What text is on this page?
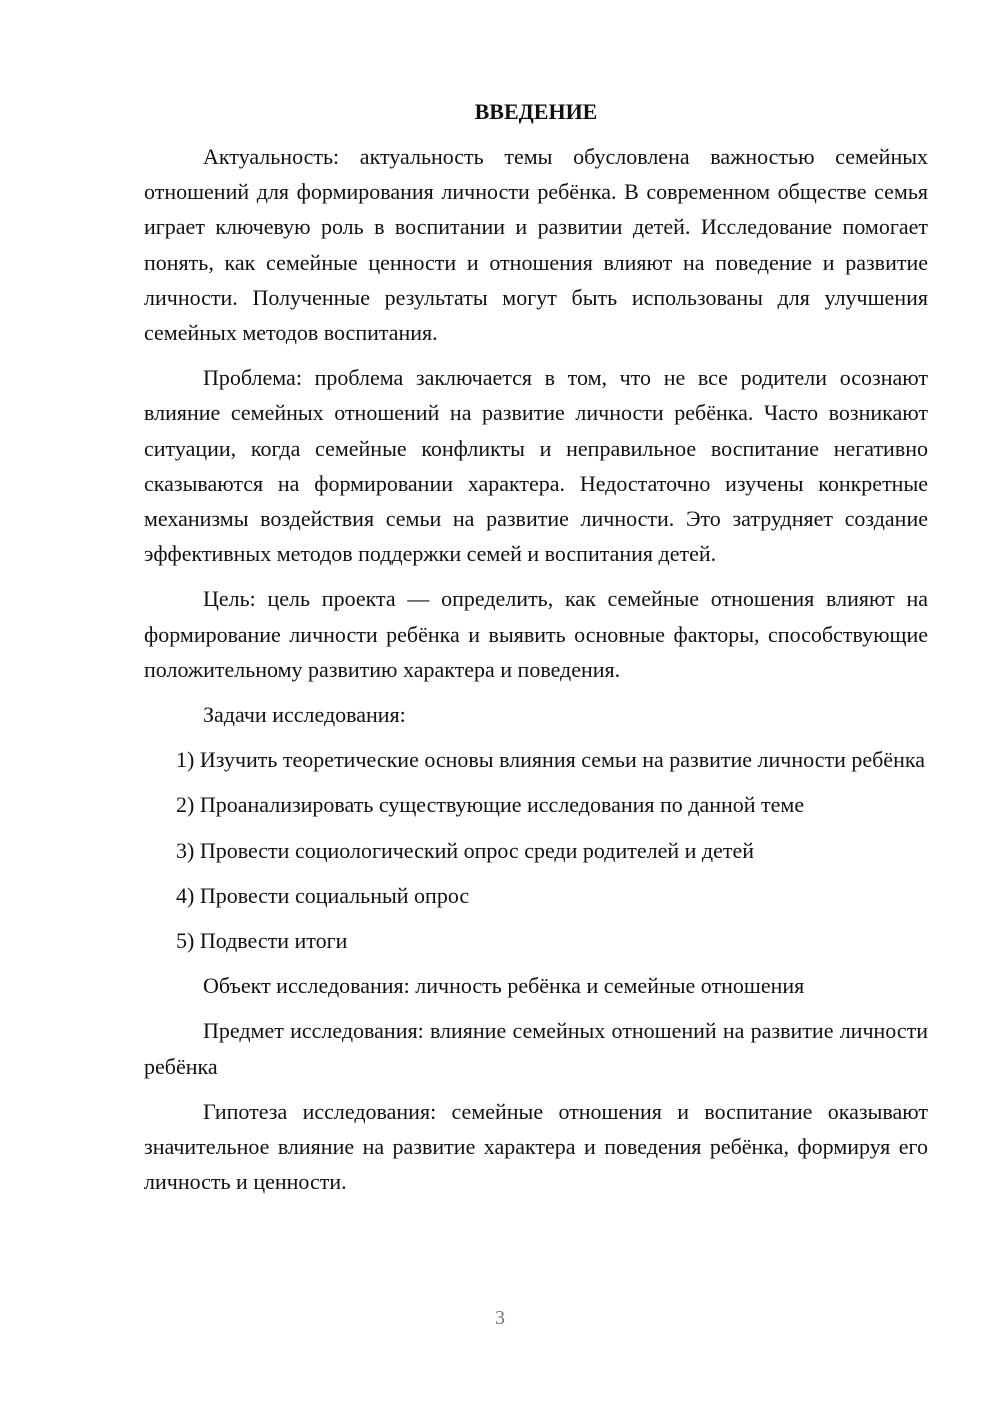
ВВЕДЕНИЕ

Актуальность: актуальность темы обусловлена важностью семейных отношений для формирования личности ребёнка. В современном обществе семья играет ключевую роль в воспитании и развитии детей. Исследование помогает понять, как семейные ценности и отношения влияют на поведение и развитие личности. Полученные результаты могут быть использованы для улучшения семейных методов воспитания.

Проблема: проблема заключается в том, что не все родители осознают влияние семейных отношений на развитие личности ребёнка. Часто возникают ситуации, когда семейные конфликты и неправильное воспитание негативно сказываются на формировании характера. Недостаточно изучены конкретные механизмы воздействия семьи на развитие личности. Это затрудняет создание эффективных методов поддержки семей и воспитания детей.

Цель: цель проекта — определить, как семейные отношения влияют на формирование личности ребёнка и выявить основные факторы, способствующие положительному развитию характера и поведения.

Задачи исследования:

1) Изучить теоретические основы влияния семьи на развитие личности ребёнка

2) Проанализировать существующие исследования по данной теме

3) Провести социологический опрос среди родителей и детей

4) Провести социальный опрос

5) Подвести итоги

Объект исследования: личность ребёнка и семейные отношения

Предмет исследования: влияние семейных отношений на развитие личности ребёнка

Гипотеза исследования: семейные отношения и воспитание оказывают значительное влияние на развитие характера и поведения ребёнка, формируя его личность и ценности.

3
